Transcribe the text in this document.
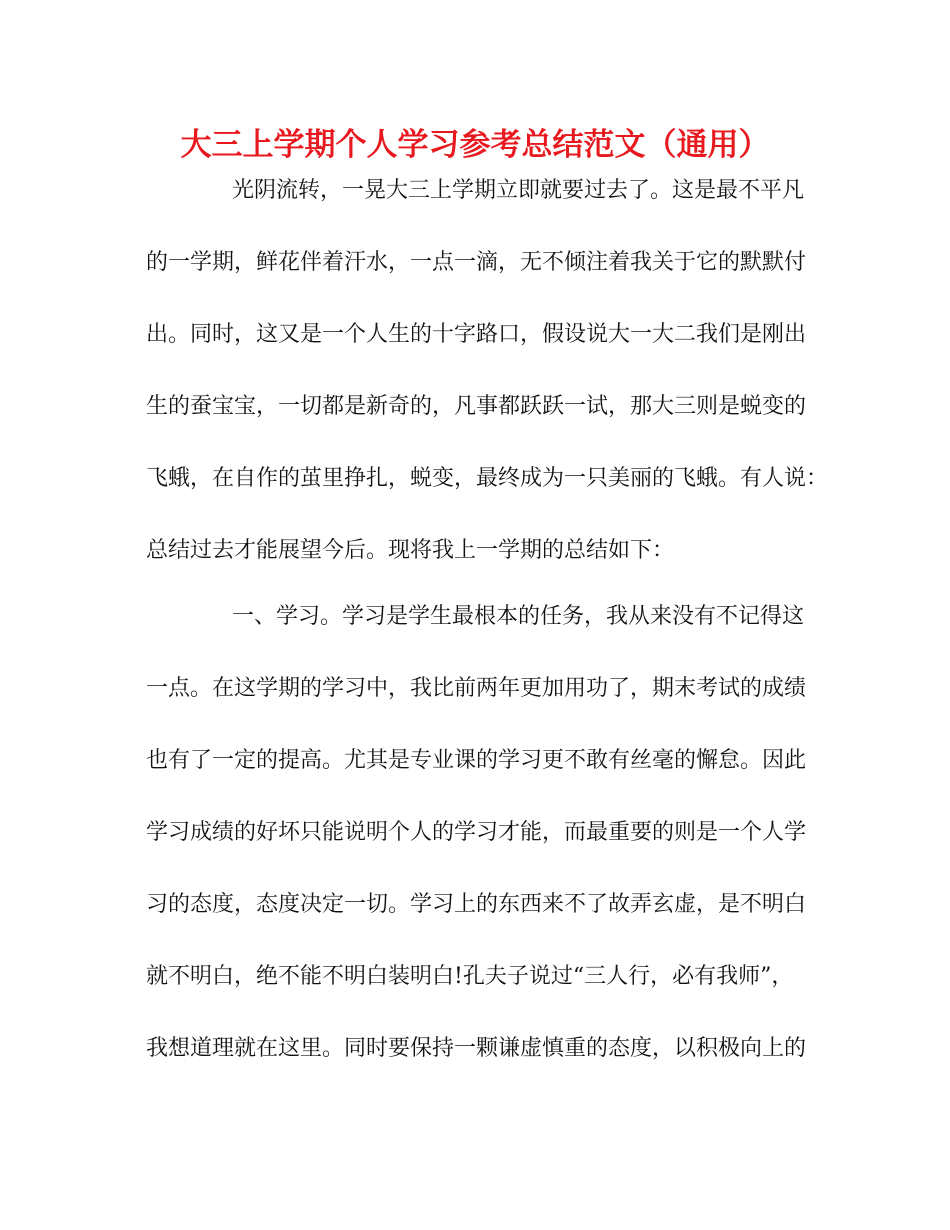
大三上学期个人学习参考总结范文（通用）
光阴流转，一晃大三上学期立即就要过去了。这是最不平凡
的一学期，鲜花伴着汗水，一点一滴，无不倾注着我关于它的默默付
出。同时，这又是一个人生的十字路口，假设说大一大二我们是刚出
生的蚕宝宝，一切都是新奇的，凡事都跃跃一试，那大三则是蜕变的
飞蛾，在自作的茧里挣扎，蜕变，最终成为一只美丽的飞蛾。有人说：
总结过去才能展望今后。现将我上一学期的总结如下：
一、学习。学习是学生最根本的任务，我从来没有不记得这
一点。在这学期的学习中，我比前两年更加用功了，期末考试的成绩
也有了一定的提高。尤其是专业课的学习更不敢有丝毫的懈怠。因此
学习成绩的好坏只能说明个人的学习才能，而最重要的则是一个人学
习的态度，态度决定一切。学习上的东西来不了故弄玄虚，是不明白
就不明白，绝不能不明白装明白!孔夫子说过“三人行，必有我师”，
我想道理就在这里。同时要保持一颗谦虚慎重的态度，以积极向上的
